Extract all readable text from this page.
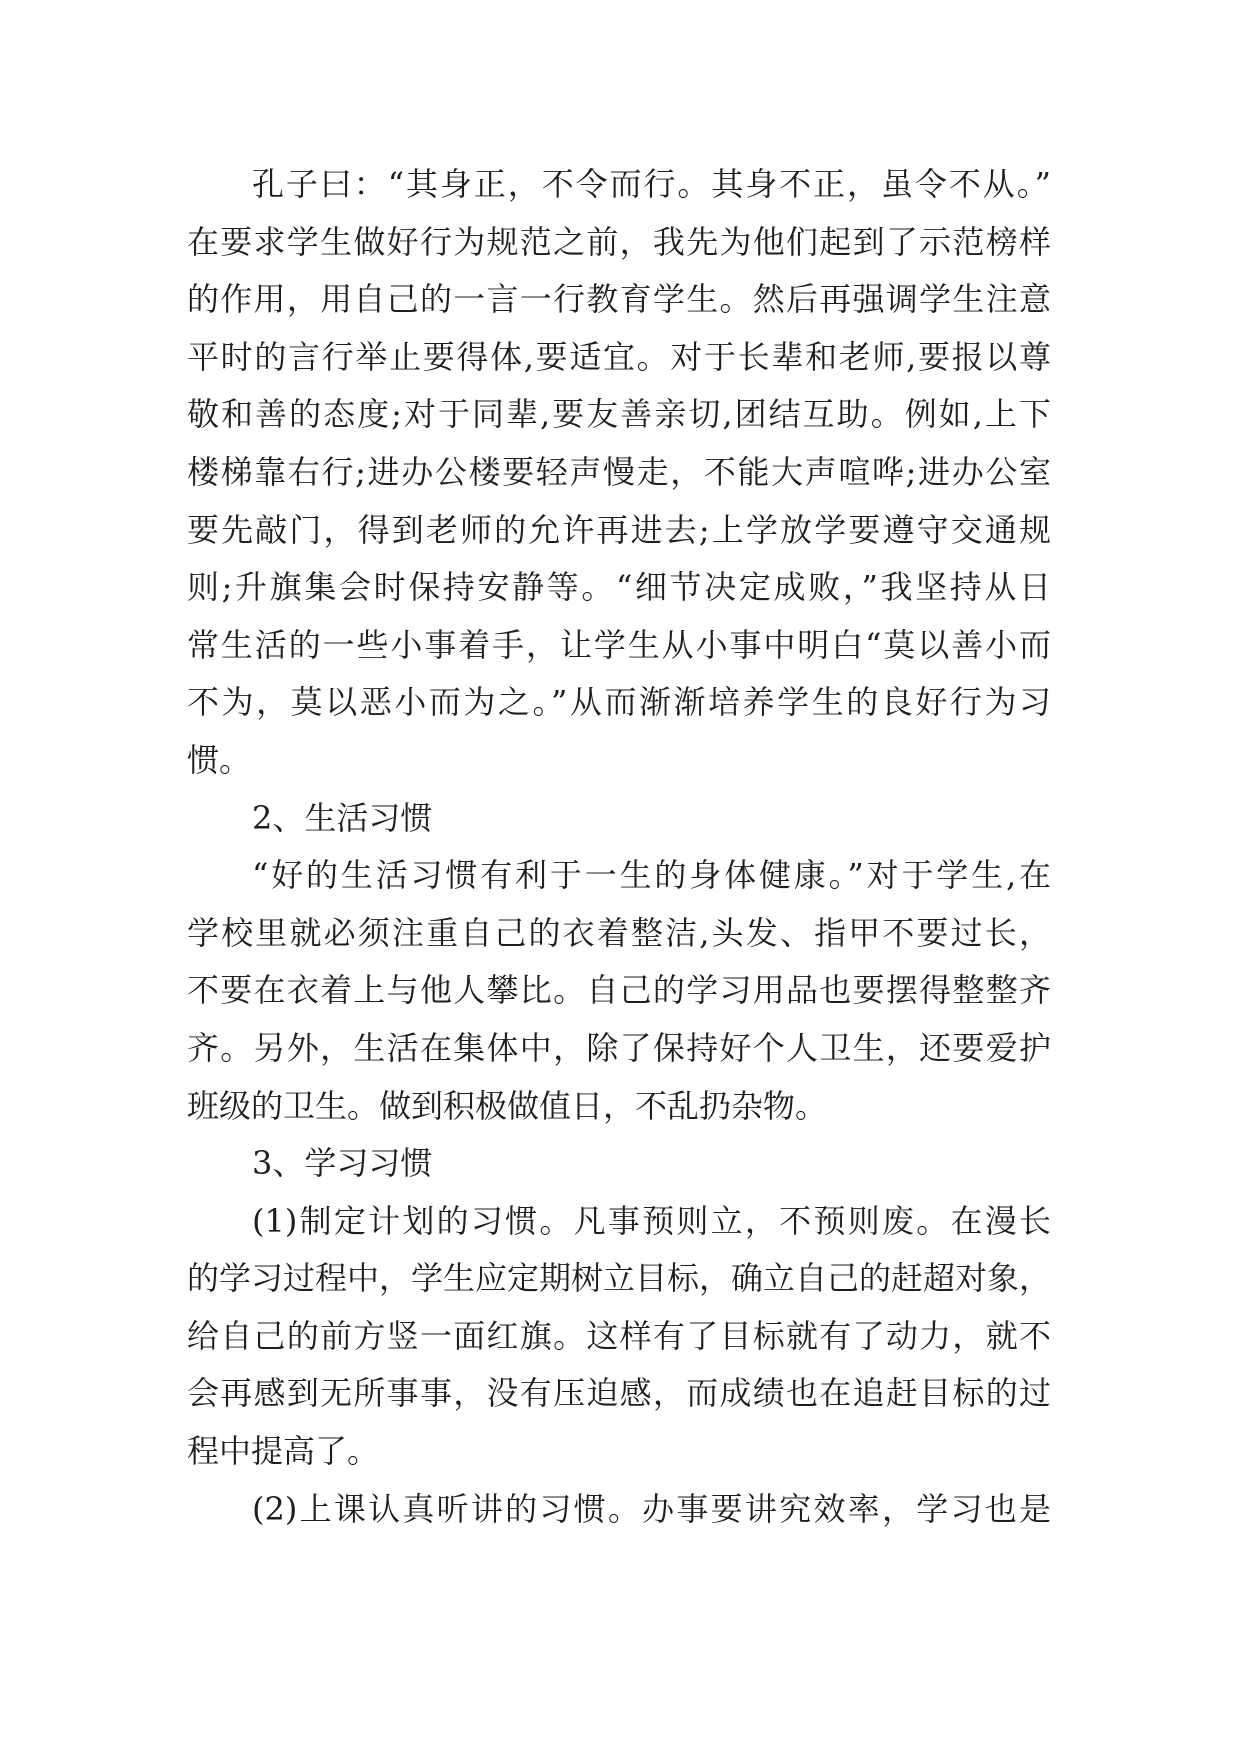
孔子曰：“其身正，不令而行。其身不正，虽令不从。”
在要求学生做好行为规范之前，我先为他们起到了示范榜样
的作用，用自己的一言一行教育学生。然后再强调学生注意
平时的言行举止要得体,要适宜。对于长辈和老师,要报以尊
敬和善的态度;对于同辈,要友善亲切,团结互助。例如,上下
楼梯靠右行;进办公楼要轻声慢走，不能大声喧哗;进办公室
要先敲门，得到老师的允许再进去;上学放学要遵守交通规
则;升旗集会时保持安静等。“细节决定成败，”我坚持从日
常生活的一些小事着手，让学生从小事中明白“莫以善小而
不为，莫以恶小而为之。”从而渐渐培养学生的良好行为习
惯。
2、生活习惯
“好的生活习惯有利于一生的身体健康。”对于学生,在
学校里就必须注重自己的衣着整洁,头发、指甲不要过长，
不要在衣着上与他人攀比。自己的学习用品也要摆得整整齐
齐。另外，生活在集体中，除了保持好个人卫生，还要爱护
班级的卫生。做到积极做值日，不乱扔杂物。
3、学习习惯
(1)制定计划的习惯。凡事预则立，不预则废。在漫长
的学习过程中，学生应定期树立目标，确立自己的赶超对象，
给自己的前方竖一面红旗。这样有了目标就有了动力，就不
会再感到无所事事，没有压迫感，而成绩也在追赶目标的过
程中提高了。
(2)上课认真听讲的习惯。办事要讲究效率，学习也是
